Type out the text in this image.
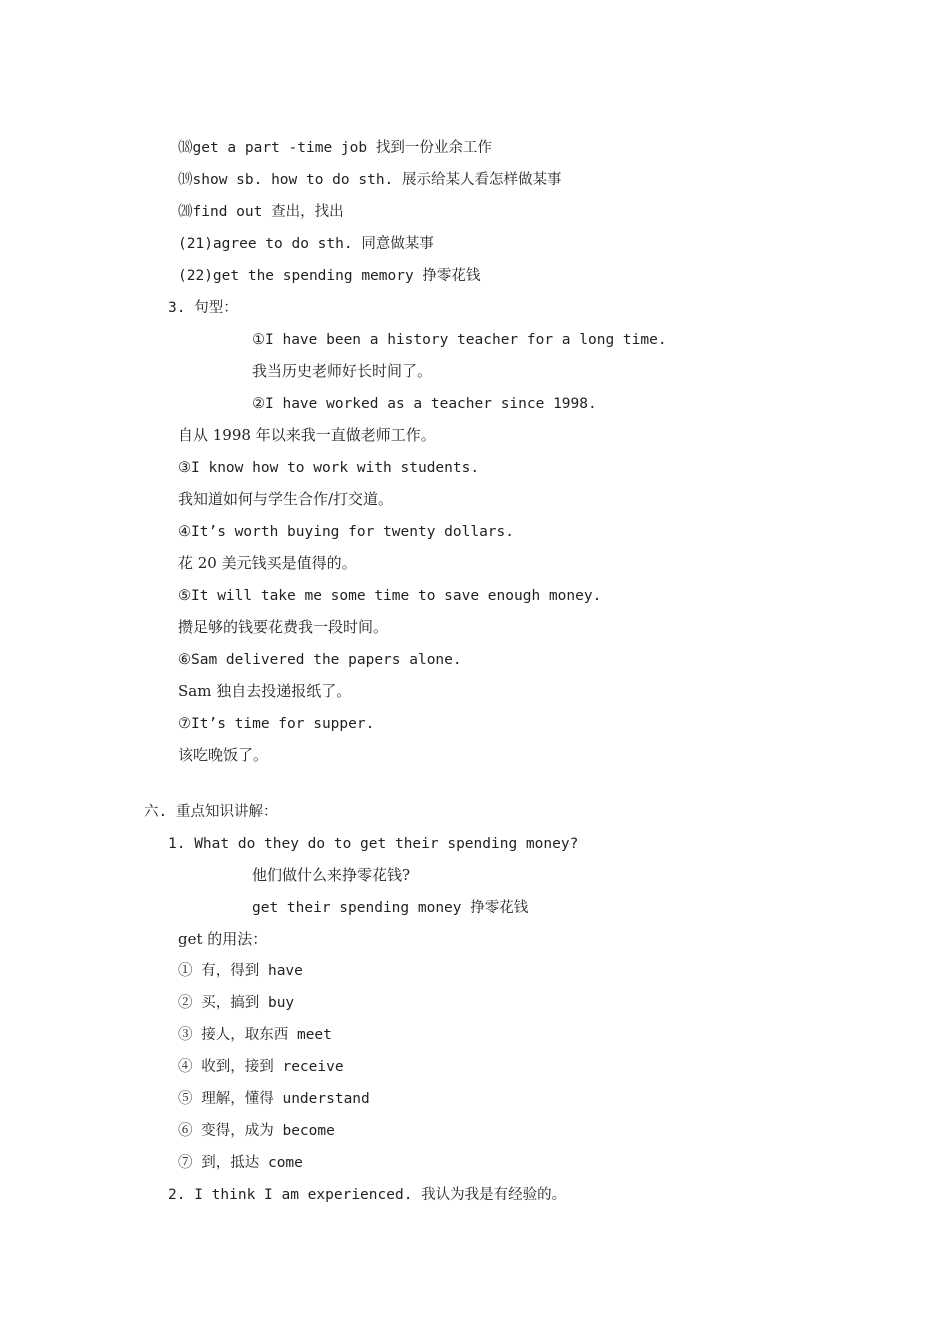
⒅get a part -time job 找到一份业余工作
⒆show sb. how to do sth. 展示给某人看怎样做某事
⒇find out 查出，找出
(21)agree to do sth. 同意做某事
(22)get the spending memory 挣零花钱
3. 句型：
①I have been a history teacher for a long time.
我当历史老师好长时间了。
②I have worked as a teacher since 1998.
自从 1998 年以来我一直做老师工作。
③I know how to work with students.
我知道如何与学生合作/打交道。
④It’s worth buying for twenty dollars.
花 20 美元钱买是值得的。
⑤It will take me some time to save enough money.
攒足够的钱要花费我一段时间。
⑥Sam delivered the papers alone.
Sam 独自去投递报纸了。
⑦It’s time for supper.
该吃晚饭了。
六. 重点知识讲解：
1. What do they do to get their spending money?
他们做什么来挣零花钱?
get their spending money 挣零花钱
get 的用法：
① 有，得到 have
② 买，搞到 buy
③ 接人，取东西 meet
④ 收到，接到 receive
⑤ 理解，懂得 understand
⑥ 变得，成为 become
⑦ 到，抵达 come
2. I think I am experienced. 我认为我是有经验的。
